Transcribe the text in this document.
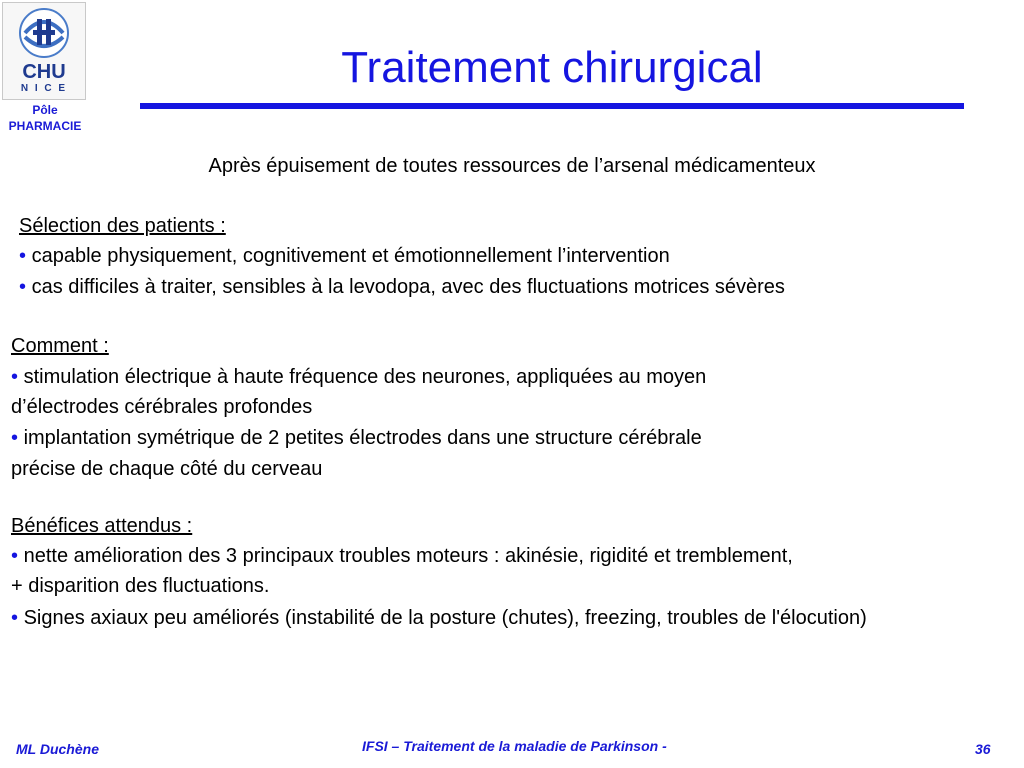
CHU
N I C E
Pôle
PHARMACIE
Traitement chirurgical
Après épuisement de toutes ressources de l’arsenal médicamenteux
Sélection des patients :
• capable physiquement, cognitivement et émotionnellement l’intervention
• cas difficiles à traiter, sensibles à la levodopa, avec des fluctuations motrices sévères
Comment :
• stimulation électrique à haute fréquence des neurones, appliquées au moyen
d’électrodes cérébrales profondes
• implantation symétrique de 2 petites électrodes dans une structure cérébrale
précise de chaque côté du cerveau
Bénéfices attendus :
• nette amélioration des 3 principaux troubles moteurs : akinésie, rigidité et tremblement,
+ disparition des fluctuations.
• Signes axiaux peu améliorés (instabilité de la posture (chutes), freezing, troubles de l'élocution)
ML Duchène	IFSI – Traitement de la maladie de Parkinson -	36
